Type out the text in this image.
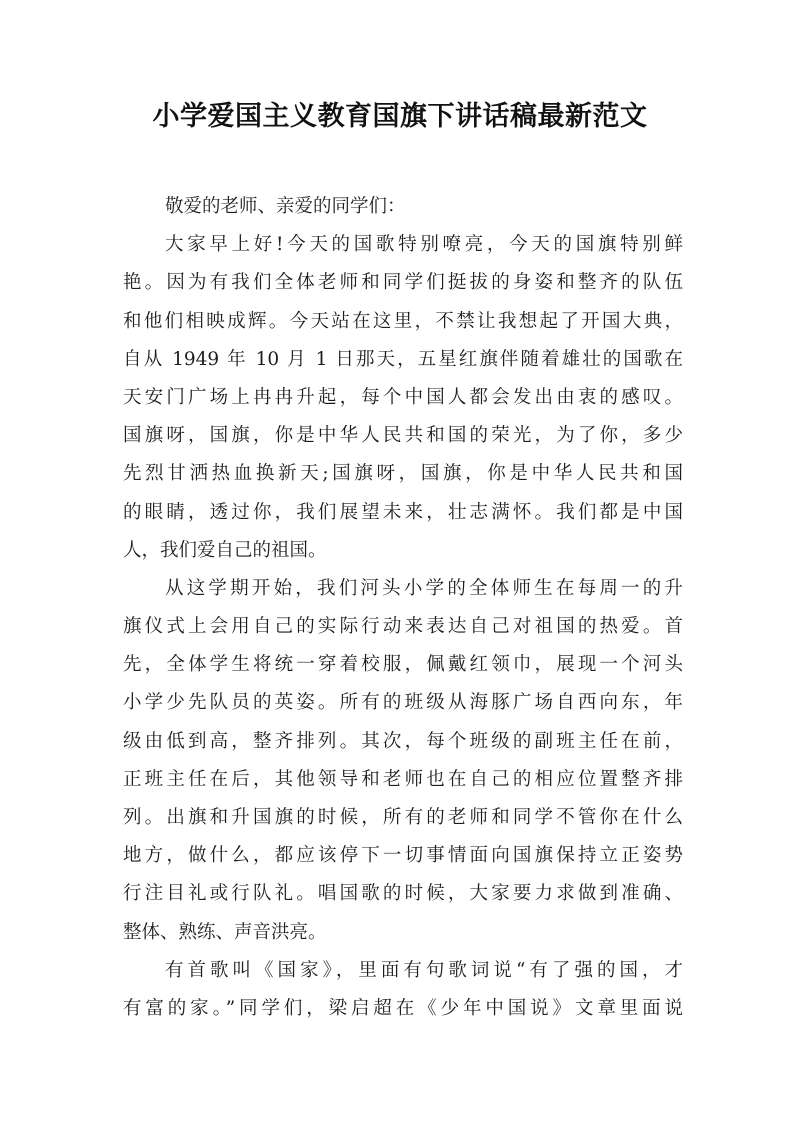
小学爱国主义教育国旗下讲话稿最新范文

敬爱的老师、亲爱的同学们：

大家早上好!今天的国歌特别嘹亮，今天的国旗特别鲜
艳。因为有我们全体老师和同学们挺拔的身姿和整齐的队伍
和他们相映成辉。今天站在这里，不禁让我想起了开国大典，
自从 1949 年 10 月 1 日那天，五星红旗伴随着雄壮的国歌在
天安门广场上冉冉升起，每个中国人都会发出由衷的感叹。
国旗呀，国旗，你是中华人民共和国的荣光，为了你，多少
先烈甘洒热血换新天;国旗呀，国旗，你是中华人民共和国
的眼睛，透过你，我们展望未来，壮志满怀。我们都是中国
人，我们爱自己的祖国。

从这学期开始，我们河头小学的全体师生在每周一的升
旗仪式上会用自己的实际行动来表达自己对祖国的热爱。首
先，全体学生将统一穿着校服，佩戴红领巾，展现一个河头
小学少先队员的英姿。所有的班级从海豚广场自西向东，年
级由低到高，整齐排列。其次，每个班级的副班主任在前，
正班主任在后，其他领导和老师也在自己的相应位置整齐排
列。出旗和升国旗的时候，所有的老师和同学不管你在什么
地方，做什么，都应该停下一切事情面向国旗保持立正姿势
行注目礼或行队礼。唱国歌的时候，大家要力求做到准确、
整体、熟练、声音洪亮。

有首歌叫《国家》，里面有句歌词说“有了强的国，才
有富的家。”同学们，梁启超在《少年中国说》文章里面说
